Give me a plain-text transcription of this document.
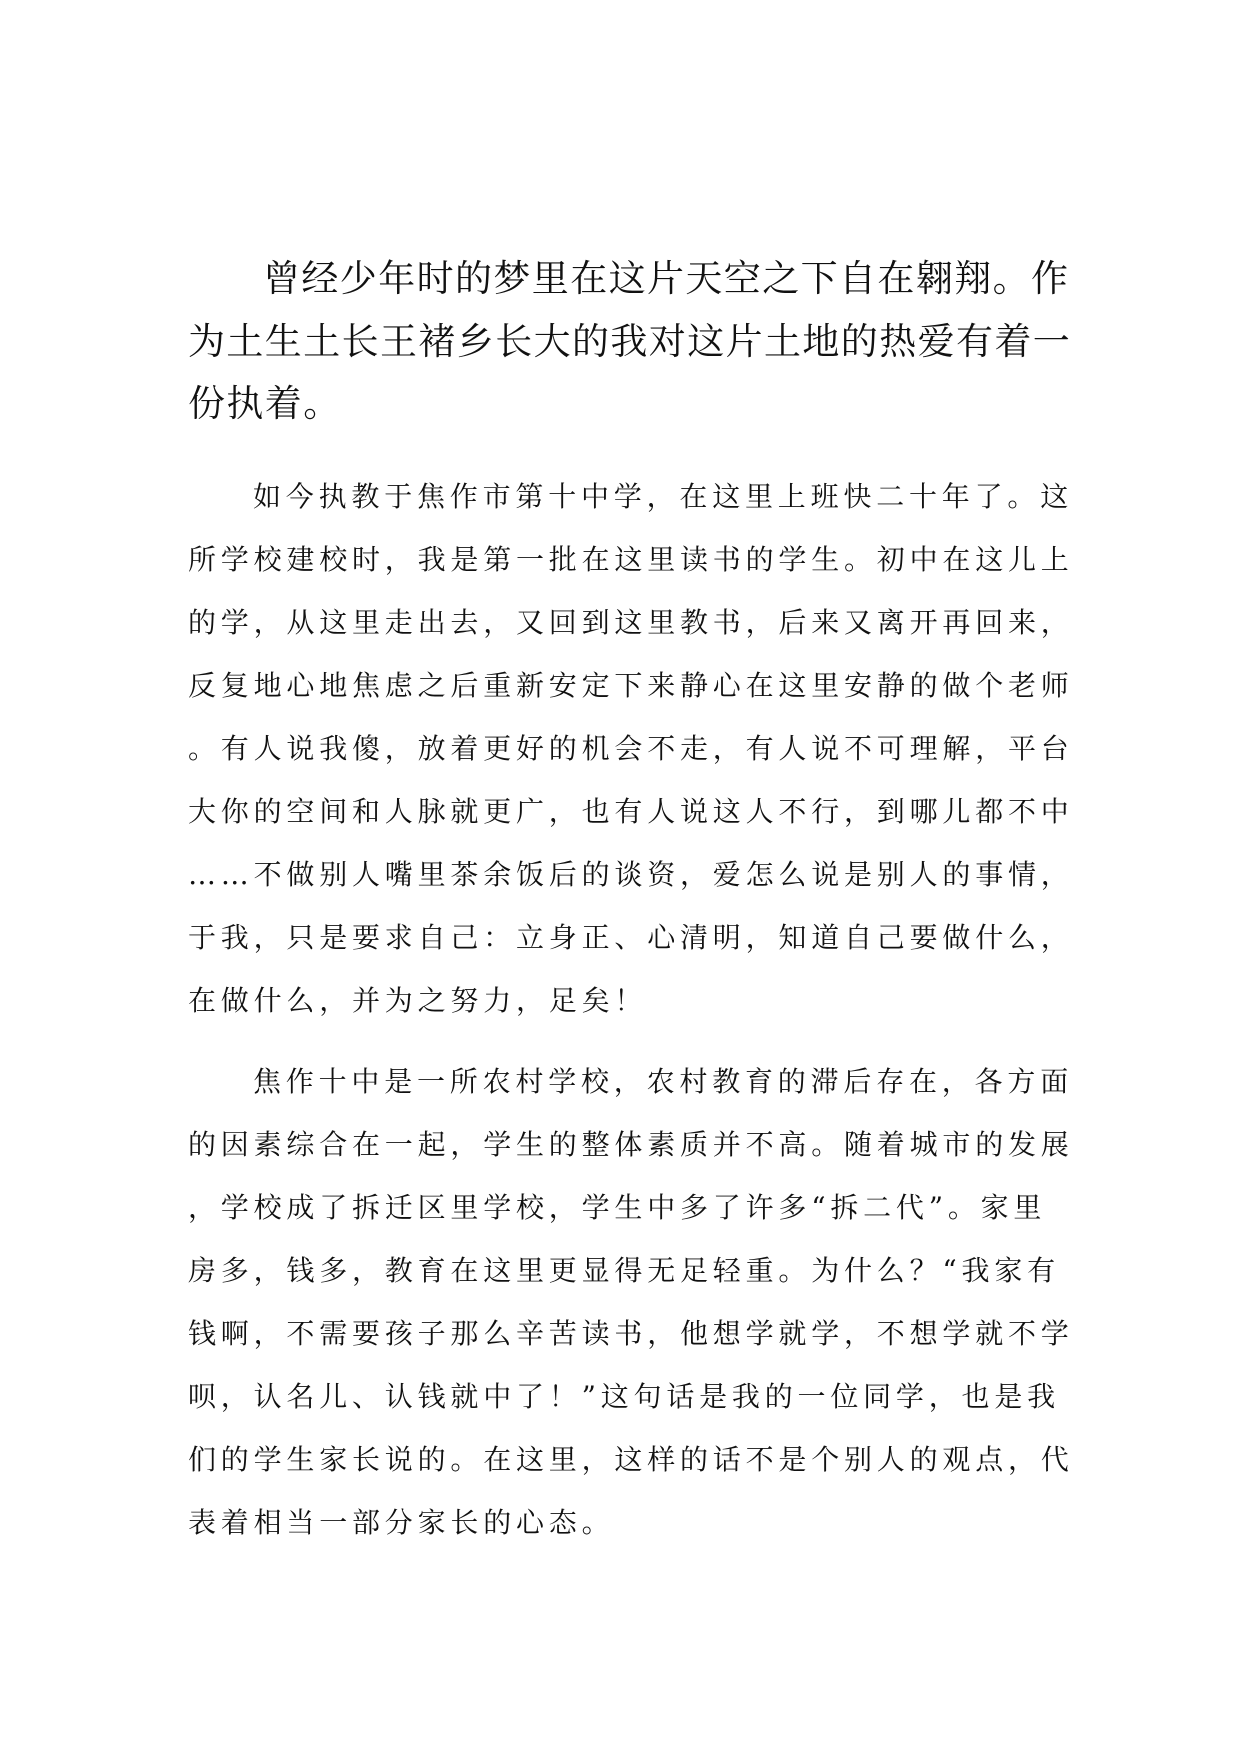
曾经少年时的梦里在这片天空之下自在翱翔。作
为土生土长王褚乡长大的我对这片土地的热爱有着一
份执着。
如今执教于焦作市第十中学，在这里上班快二十年了。这
所学校建校时，我是第一批在这里读书的学生。初中在这儿上
的学，从这里走出去，又回到这里教书，后来又离开再回来，
反复地心地焦虑之后重新安定下来静心在这里安静的做个老师
。有人说我傻，放着更好的机会不走，有人说不可理解，平台
大你的空间和人脉就更广，也有人说这人不行，到哪儿都不中
……不做别人嘴里茶余饭后的谈资，爱怎么说是别人的事情，
于我，只是要求自己：立身正、心清明，知道自己要做什么，
在做什么，并为之努力，足矣！
焦作十中是一所农村学校，农村教育的滞后存在，各方面
的因素综合在一起，学生的整体素质并不高。随着城市的发展
，学校成了拆迁区里学校，学生中多了许多“拆二代”。家里
房多，钱多，教育在这里更显得无足轻重。为什么？“我家有
钱啊，不需要孩子那么辛苦读书，他想学就学，不想学就不学
呗，认名儿、认钱就中了！”这句话是我的一位同学，也是我
们的学生家长说的。在这里，这样的话不是个别人的观点，代
表着相当一部分家长的心态。
